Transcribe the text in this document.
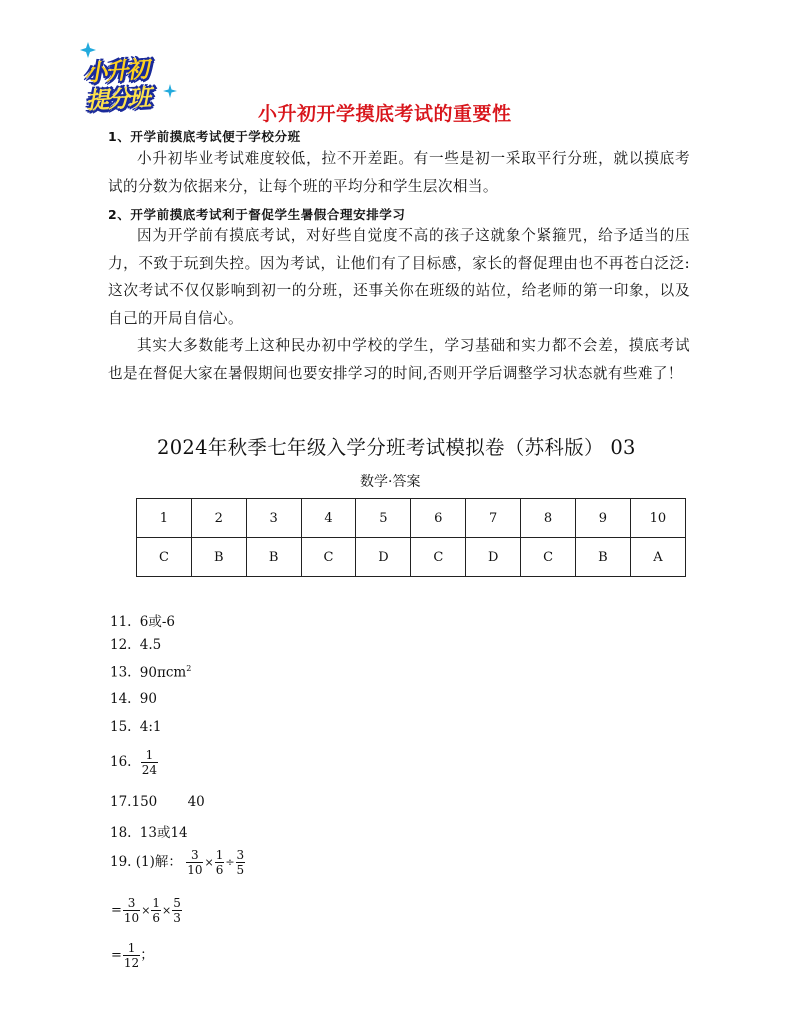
小升初
提分班	小升初开学摸底考试的重要性
1、开学前摸底考试便于学校分班

小升初毕业考试难度较低，拉不开差距。有一些是初一采取平行分班，就以摸底考试的分数为依据来分，让每个班的平均分和学生层次相当。

2、开学前摸底考试利于督促学生暑假合理安排学习

因为开学前有摸底考试，对好些自觉度不高的孩子这就象个紧箍咒，给予适当的压力，不致于玩到失控。因为考试，让他们有了目标感，家长的督促理由也不再苍白泛泛:这次考试不仅仅影响到初一的分班，还事关你在班级的站位，给老师的第一印象，以及自己的开局自信心。

其实大多数能考上这种民办初中学校的学生，学习基础和实力都不会差，摸底考试也是在督促大家在暑假期间也要安排学习的时间,否则开学后调整学习状态就有些难了！

2024年秋季七年级入学分班考试模拟卷（苏科版） 03
数学·答案
1	2	3	4	5	6	7	8	9	10
C	B	B	C	D	C	D	C	B	A
11. 6或-6
12. 4.5
13. 90πcm$^2$
14. 90
15. 4:1
16. $\frac{1}{24}$
17.150 40
18. 13或14
19. (1)解： $\frac{3}{10} \times \frac{1}{6} \div \frac{3}{5}$
= $\frac{3}{10} \times \frac{1}{6} \times \frac{5}{3}$
= $\frac{1}{12}$ ；
